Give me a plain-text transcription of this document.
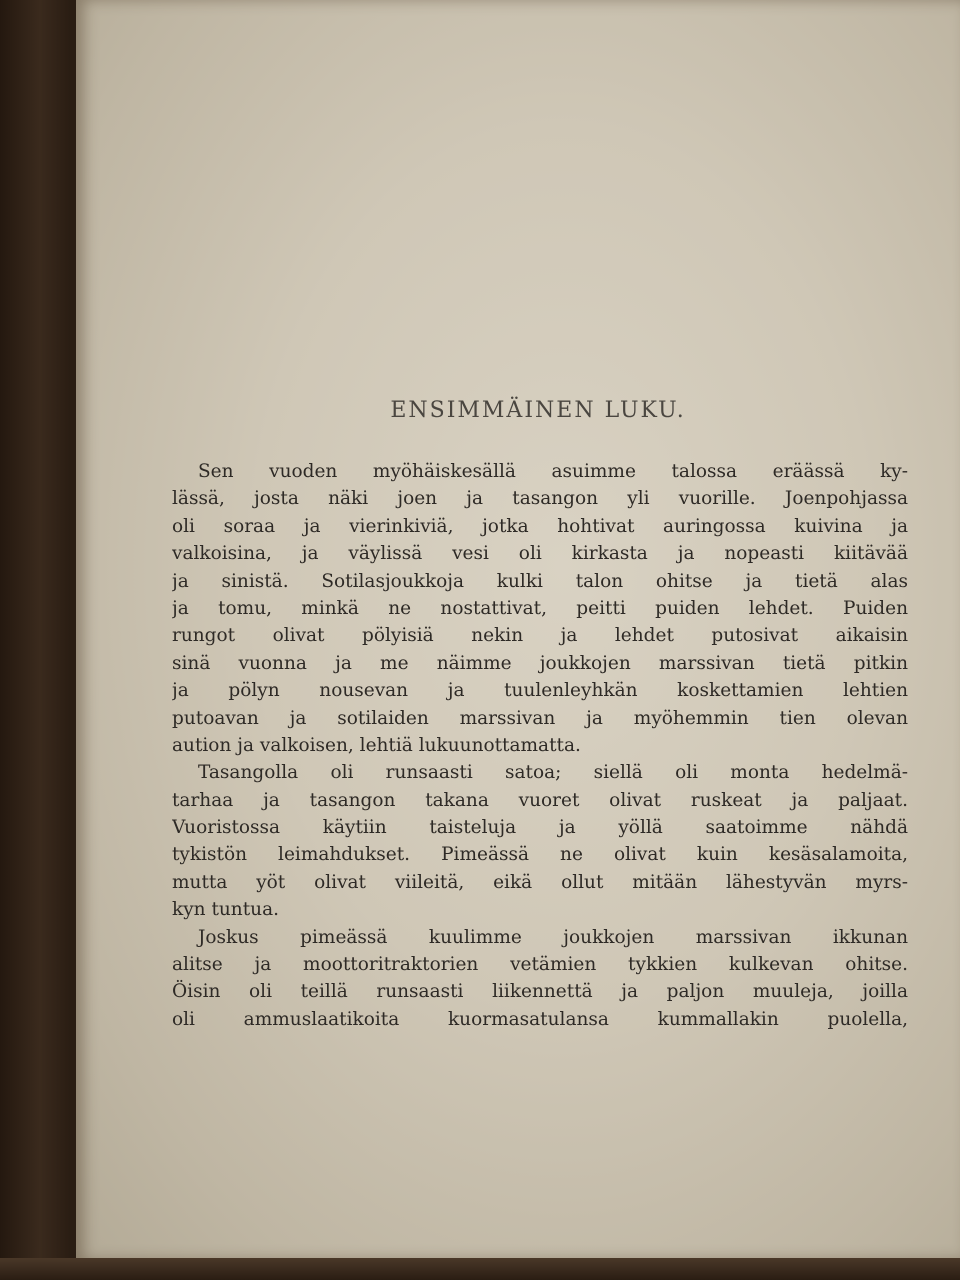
ENSIMMÄINEN LUKU.
Sen vuoden myöhäiskesällä asuimme talossa eräässä ky-
lässä, josta näki joen ja tasangon yli vuorille. Joenpohjassa
oli soraa ja vierinkiviä, jotka hohtivat auringossa kuivina ja
valkoisina, ja väylissä vesi oli kirkasta ja nopeasti kiitävää
ja sinistä. Sotilasjoukkoja kulki talon ohitse ja tietä alas
ja tomu, minkä ne nostattivat, peitti puiden lehdet. Puiden
rungot olivat pölyisiä nekin ja lehdet putosivat aikaisin
sinä vuonna ja me näimme joukkojen marssivan tietä pitkin
ja pölyn nousevan ja tuulenleyhkän koskettamien lehtien
putoavan ja sotilaiden marssivan ja myöhemmin tien olevan
aution ja valkoisen, lehtiä lukuunottamatta.
Tasangolla oli runsaasti satoa; siellä oli monta hedelmä-
tarhaa ja tasangon takana vuoret olivat ruskeat ja paljaat.
Vuoristossa käytiin taisteluja ja yöllä saatoimme nähdä
tykistön leimahdukset. Pimeässä ne olivat kuin kesäsalamoita,
mutta yöt olivat viileitä, eikä ollut mitään lähestyvän myrs-
kyn tuntua.
Joskus pimeässä kuulimme joukkojen marssivan ikkunan
alitse ja moottoritraktorien vetämien tykkien kulkevan ohitse.
Öisin oli teillä runsaasti liikennettä ja paljon muuleja, joilla
oli ammuslaatikoita kuormasatulansa kummallakin puolella,
